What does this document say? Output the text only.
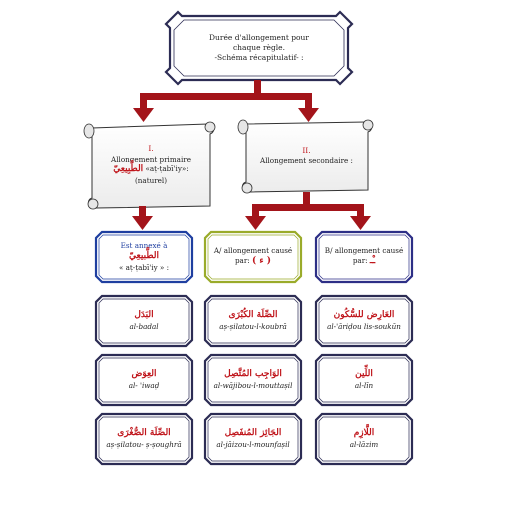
Durée d'allongement pour
chaque règle.
-Schéma récapitulatif- :
I.
Allongement primaire
الطَّبِيعِيّ «aṭ-ṭabī'iy»:
(naturel)
II.
Allongement secondaire :
Est annexé à
الطَّبيعِيّ
« aṭ-ṭabī'iy » :
A/ allongement causé
par: ( ء )
B/ allongement causé
par: ـْـ
البَدَل
al-badal
الصِّلَة الكُبْرَى
aṣ-ṣilatou-l-koubrā
العَارِض للسُّكُون
al-'āriḍou lis-soukūn
العِوَض
al- 'iwaḍ
الوَاجِب المُتَّصِل
al-wājibou-l-mouttaṣil
اللِّين
al-līn
الصِّلَة الصُّغْرَى
aṣ-ṣilatou- ṣ-ṣoughrā
الجَائِز المُنفَصِل
al-jāizou-l-mounfaṣil
اللَّازِم
al-lāzim
